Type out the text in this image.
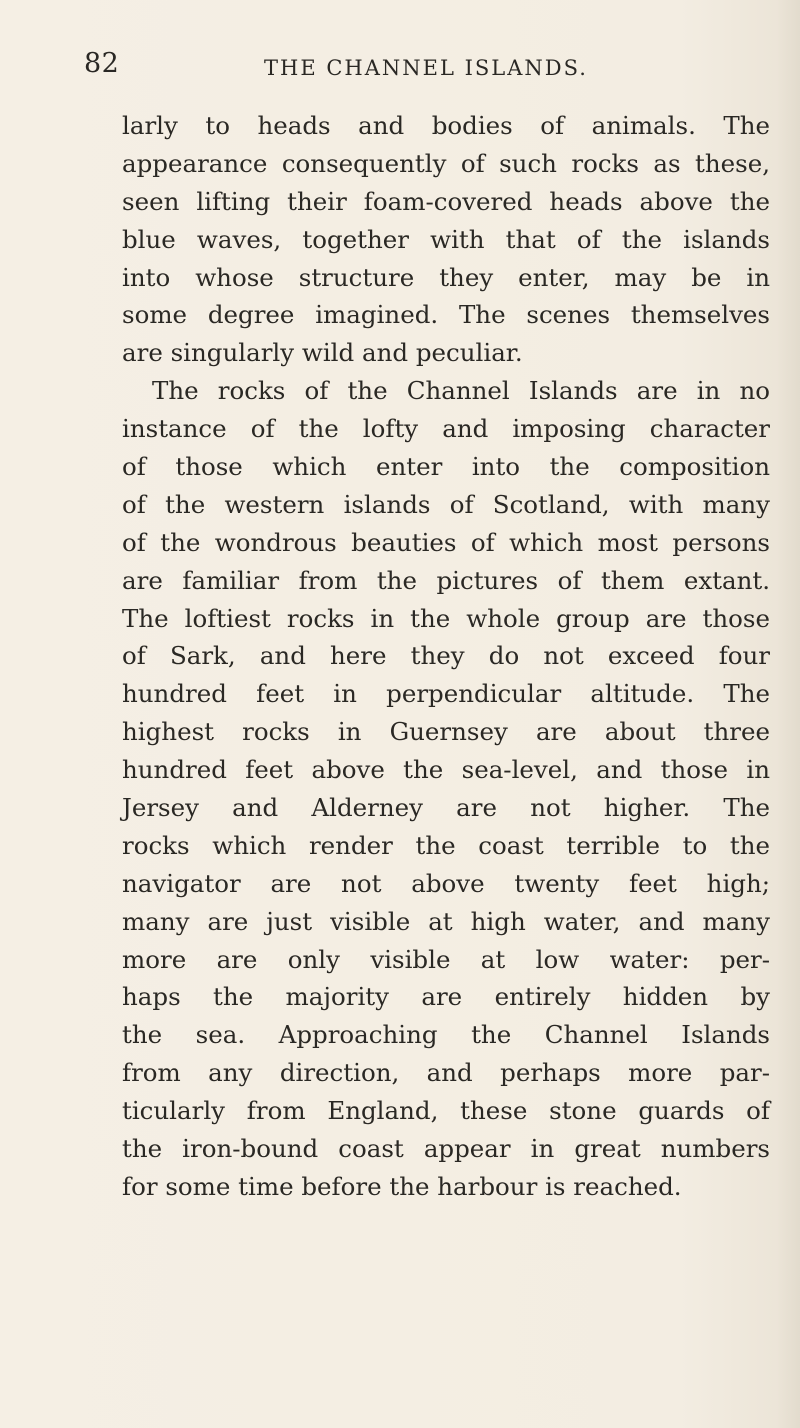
82	THE CHANNEL ISLANDS.
larly to heads and bodies of animals. The
appearance consequently of such rocks as these,
seen lifting their foam-covered heads above the
blue waves, together with that of the islands
into whose structure they enter, may be in
some degree imagined. The scenes themselves
are singularly wild and peculiar.
The rocks of the Channel Islands are in no
instance of the lofty and imposing character
of those which enter into the composition
of the western islands of Scotland, with many
of the wondrous beauties of which most persons
are familiar from the pictures of them extant.
The loftiest rocks in the whole group are those
of Sark, and here they do not exceed four
hundred feet in perpendicular altitude. The
highest rocks in Guernsey are about three
hundred feet above the sea-level, and those in
Jersey and Alderney are not higher. The
rocks which render the coast terrible to the
navigator are not above twenty feet high;
many are just visible at high water, and many
more are only visible at low water: per-
haps the majority are entirely hidden by
the sea. Approaching the Channel Islands
from any direction, and perhaps more par-
ticularly from England, these stone guards of
the iron-bound coast appear in great numbers
for some time before the harbour is reached.
